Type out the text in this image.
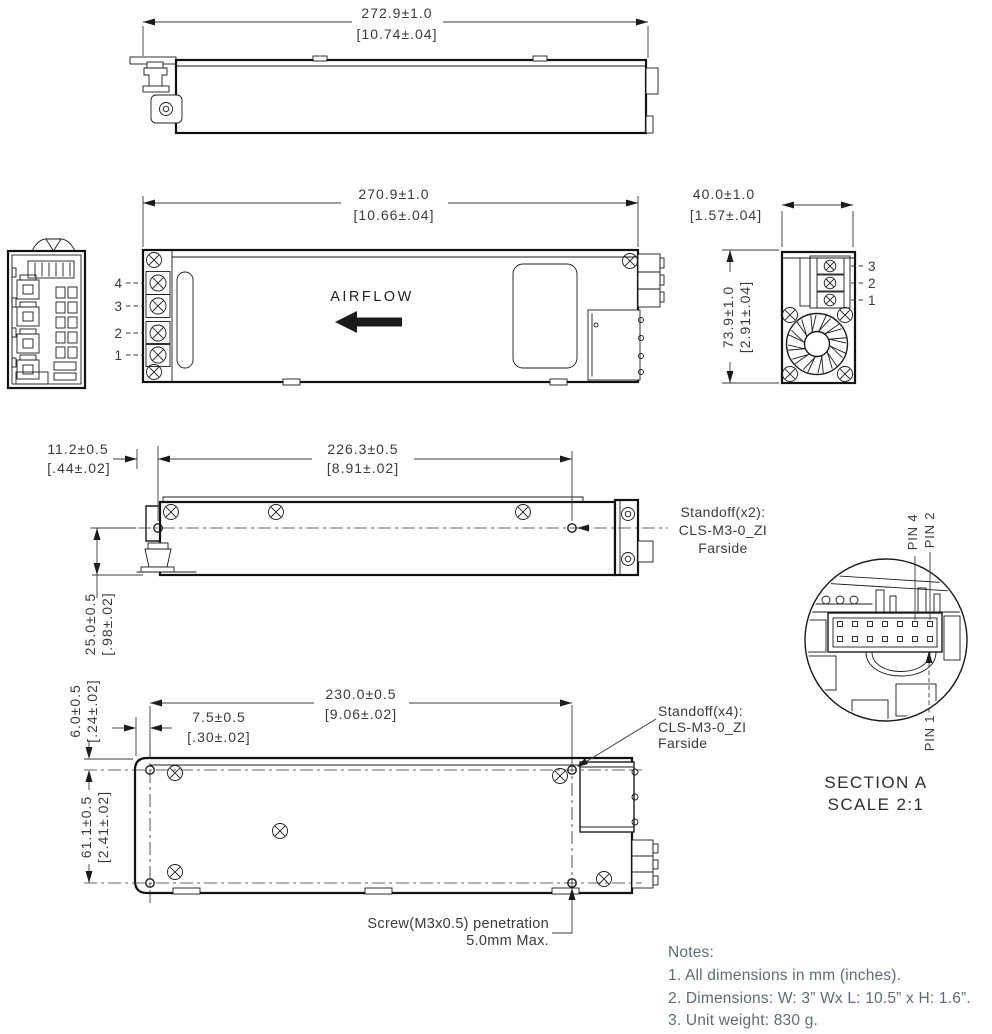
272.9±1.0
[10.74±.04]
AIRFLOW
4
3
2
1
270.9±1.0
[10.66±.04]
3
2
1
40.0±1.0
[1.57±.04]
73.9±1.0 [2.91±.04]
11.2±0.5
[.44±.02]
226.3±0.5
[8.91±.02]
25.0±0.5 [.98±.02]
Standoff(x2):
CLS-M3-0_ZI
Farside
230.0±0.5
[9.06±.02]
7.5±0.5
[.30±.02]
6.0±0.5 [.24±.02]
61.1±0.5 [2.41±.02]
Standoff(x4):
CLS-M3-0_ZI
Farside
Screw(M3x0.5) penetration
5.0mm Max.
PIN 2
PIN 4
PIN 1
SECTION A
SCALE 2:1
Notes:
1. All dimensions in mm (inches).
2. Dimensions: W: 3” Wx L: 10.5” x H: 1.6”.
3. Unit weight: 830 g.
